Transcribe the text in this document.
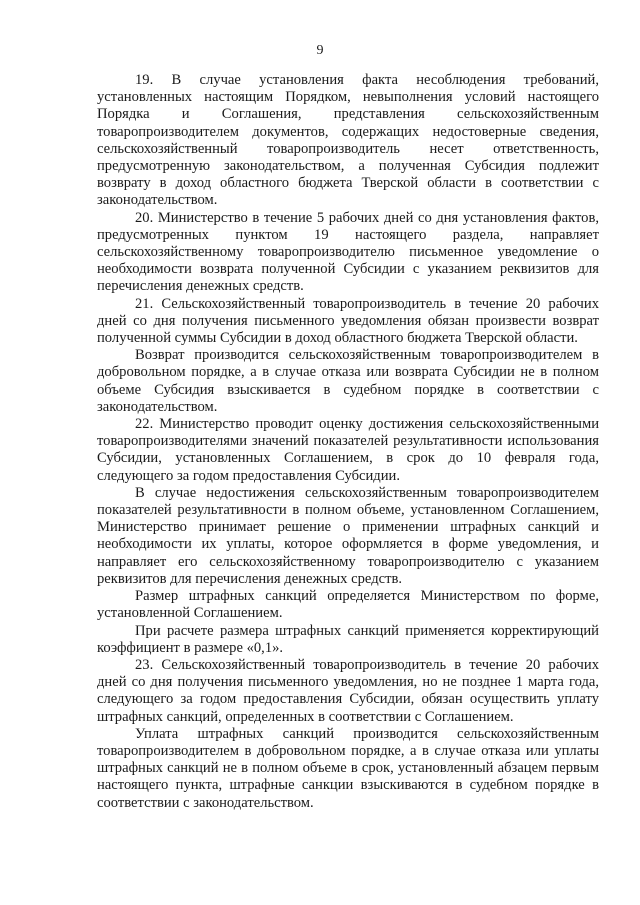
9

19. В случае установления факта несоблюдения требований, установленных настоящим Порядком, невыполнения условий настоящего Порядка и Соглашения, представления сельскохозяйственным товаропроизводителем документов, содержащих недостоверные сведения, сельскохозяйственный товаропроизводитель несет ответственность, предусмотренную законодательством, а полученная Субсидия подлежит возврату в доход областного бюджета Тверской области в соответствии с законодательством.

20. Министерство в течение 5 рабочих дней со дня установления фактов, предусмотренных пунктом 19 настоящего раздела, направляет сельскохозяйственному товаропроизводителю письменное уведомление о необходимости возврата полученной Субсидии с указанием реквизитов для перечисления денежных средств.

21. Сельскохозяйственный товаропроизводитель в течение 20 рабочих дней со дня получения письменного уведомления обязан произвести возврат полученной суммы Субсидии в доход областного бюджета Тверской области.

Возврат производится сельскохозяйственным товаропроизводителем в добровольном порядке, а в случае отказа или возврата Субсидии не в полном объеме Субсидия взыскивается в судебном порядке в соответствии с законодательством.

22. Министерство проводит оценку достижения сельскохозяйственными товаропроизводителями значений показателей результативности использования Субсидии, установленных Соглашением, в срок до 10 февраля года, следующего за годом предоставления Субсидии.

В случае недостижения сельскохозяйственным товаропроизводителем показателей результативности в полном объеме, установленном Соглашением, Министерство принимает решение о применении штрафных санкций и необходимости их уплаты, которое оформляется в форме уведомления, и направляет его сельскохозяйственному товаропроизводителю с указанием реквизитов для перечисления денежных средств.

Размер штрафных санкций определяется Министерством по форме, установленной Соглашением.

При расчете размера штрафных санкций применяется корректирующий коэффициент в размере «0,1».

23. Сельскохозяйственный товаропроизводитель в течение 20 рабочих дней со дня получения письменного уведомления, но не позднее 1 марта года, следующего за годом предоставления Субсидии, обязан осуществить уплату штрафных санкций, определенных в соответствии с Соглашением.

Уплата штрафных санкций производится сельскохозяйственным товаропроизводителем в добровольном порядке, а в случае отказа или уплаты штрафных санкций не в полном объеме в срок, установленный абзацем первым настоящего пункта, штрафные санкции взыскиваются в судебном порядке в соответствии с законодательством.
